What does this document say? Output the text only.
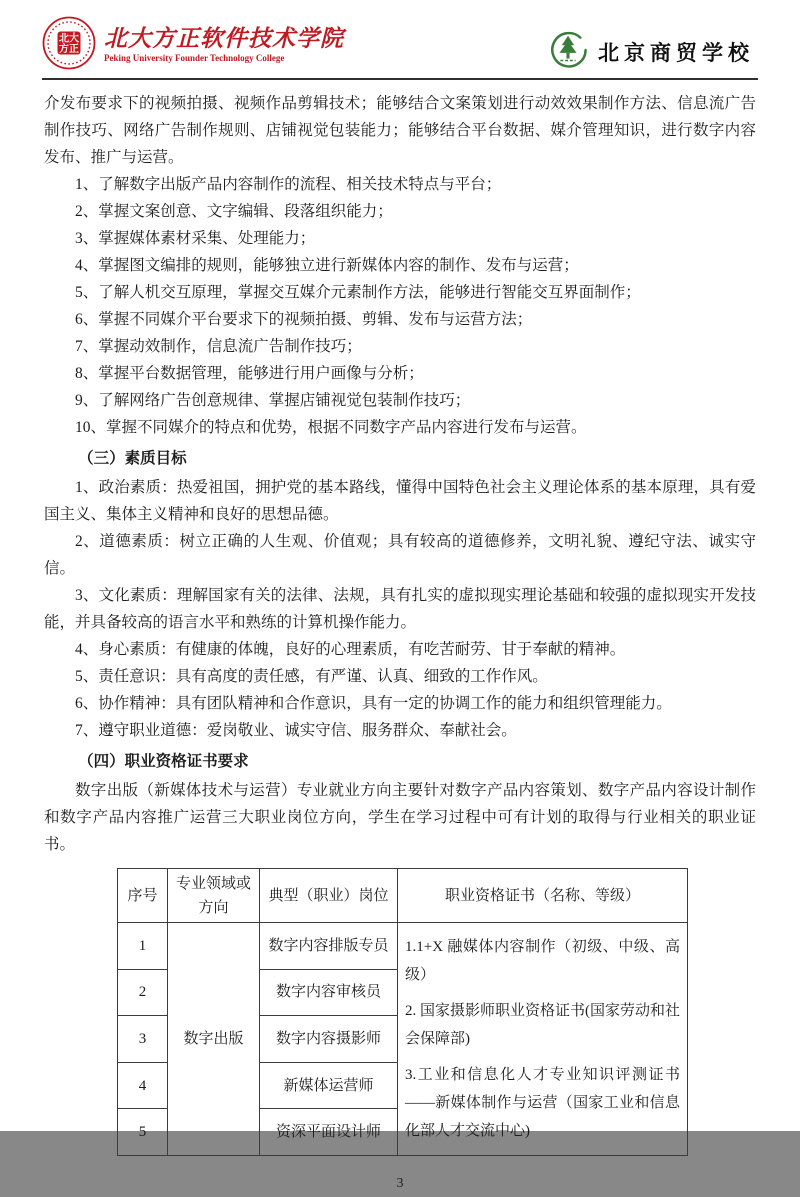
北大
方正 北大方正软件技术学院
Peking University Founder Technology College	北京商贸学校

介发布要求下的视频拍摄、视频作品剪辑技术；能够结合文案策划进行动效效果制作方法、信息流广告制作技巧、网络广告制作规则、店铺视觉包装能力；能够结合平台数据、媒介管理知识，进行数字内容发布、推广与运营。

1、了解数字出版产品内容制作的流程、相关技术特点与平台；

2、掌握文案创意、文字编辑、段落组织能力；

3、掌握媒体素材采集、处理能力；

4、掌握图文编排的规则，能够独立进行新媒体内容的制作、发布与运营；

5、了解人机交互原理，掌握交互媒介元素制作方法，能够进行智能交互界面制作；

6、掌握不同媒介平台要求下的视频拍摄、剪辑、发布与运营方法；

7、掌握动效制作，信息流广告制作技巧；

8、掌握平台数据管理，能够进行用户画像与分析；

9、了解网络广告创意规律、掌握店铺视觉包装制作技巧；

10、掌握不同媒介的特点和优势，根据不同数字产品内容进行发布与运营。

（三）素质目标

1、政治素质：热爱祖国，拥护党的基本路线，懂得中国特色社会主义理论体系的基本原理，具有爱国主义、集体主义精神和良好的思想品德。

2、道德素质：树立正确的人生观、价值观；具有较高的道德修养，文明礼貌、遵纪守法、诚实守信。

3、文化素质：理解国家有关的法律、法规，具有扎实的虚拟现实理论基础和较强的虚拟现实开发技能，并具备较高的语言水平和熟练的计算机操作能力。

4、身心素质：有健康的体魄，良好的心理素质，有吃苦耐劳、甘于奉献的精神。

5、责任意识：具有高度的责任感，有严谨、认真、细致的工作作风。

6、协作精神：具有团队精神和合作意识，具有一定的协调工作的能力和组织管理能力。

7、遵守职业道德：爱岗敬业、诚实守信、服务群众、奉献社会。

（四）职业资格证书要求

数字出版（新媒体技术与运营）专业就业方向主要针对数字产品内容策划、数字产品内容设计制作和数字产品内容推广运营三大职业岗位方向，学生在学习过程中可有计划的取得与行业相关的职业证书。

序号	专业领域或方向	典型（职业）岗位	职业资格证书（名称、等级）
1	数字出版	数字内容排版专员	1.1+X 融媒体内容制作（初级、中级、高级）

2. 国家摄影师职业资格证书(国家劳动和社会保障部)

3.工业和信息化人才专业知识评测证书——新媒体制作与运营（国家工业和信息化部人才交流中心)

2		数字内容审核员	
3		数字内容摄影师	
4		新媒体运营师	
5		资深平面设计师	
3
